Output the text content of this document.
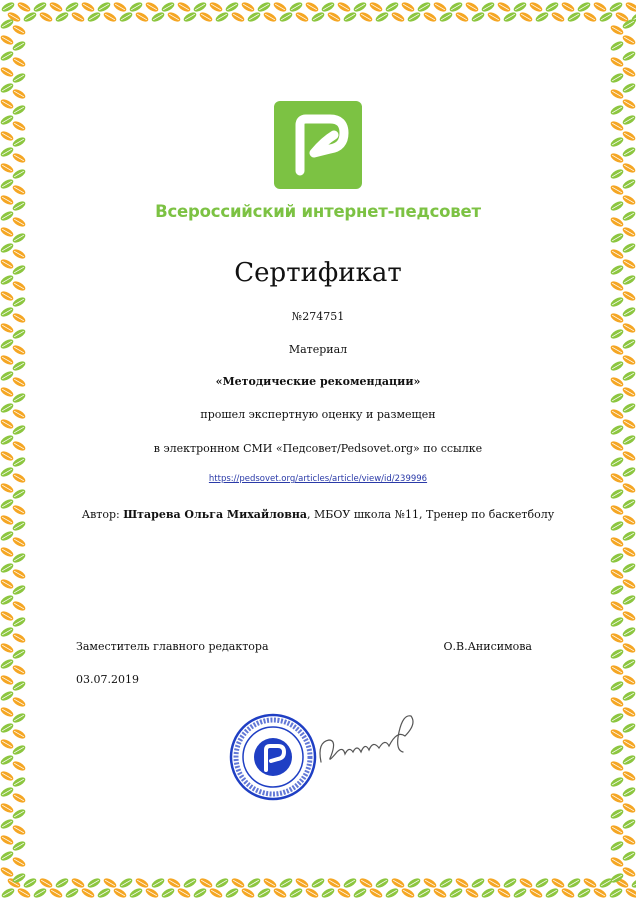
Всероссийский интернет-педсовет
Сертификат
№274751
Материал
«Методические рекомендации»
прошел экспертную оценку и размещен
в электронном СМИ «Педсовет/Pedsovet.org» по ссылке
https://pedsovet.org/articles/article/view/id/239996
Автор: Штарева Ольга Михайловна, МБОУ школа №11, Тренер по баскетболу
Заместитель главного редактора	О.В.Анисимова
03.07.2019
